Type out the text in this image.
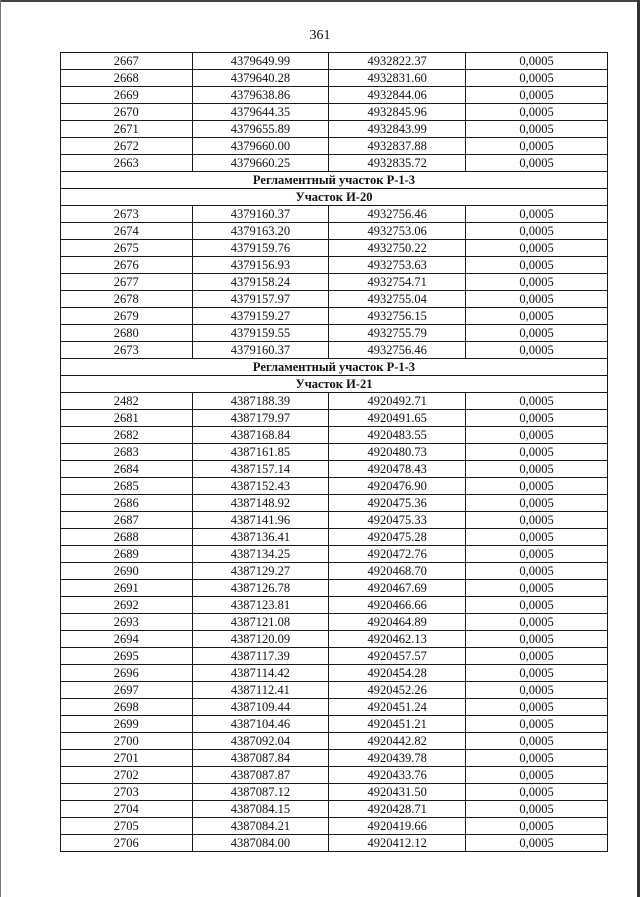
361
2667	4379649.99	4932822.37	0,0005
2668	4379640.28	4932831.60	0,0005
2669	4379638.86	4932844.06	0,0005
2670	4379644.35	4932845.96	0,0005
2671	4379655.89	4932843.99	0,0005
2672	4379660.00	4932837.88	0,0005
2663	4379660.25	4932835.72	0,0005
Регламентный участок Р-1-3			
Участок И-20			
2673	4379160.37	4932756.46	0,0005
2674	4379163.20	4932753.06	0,0005
2675	4379159.76	4932750.22	0,0005
2676	4379156.93	4932753.63	0,0005
2677	4379158.24	4932754.71	0,0005
2678	4379157.97	4932755.04	0,0005
2679	4379159.27	4932756.15	0,0005
2680	4379159.55	4932755.79	0,0005
2673	4379160.37	4932756.46	0,0005
Регламентный участок Р-1-3			
Участок И-21			
2482	4387188.39	4920492.71	0,0005
2681	4387179.97	4920491.65	0,0005
2682	4387168.84	4920483.55	0,0005
2683	4387161.85	4920480.73	0,0005
2684	4387157.14	4920478.43	0,0005
2685	4387152.43	4920476.90	0,0005
2686	4387148.92	4920475.36	0,0005
2687	4387141.96	4920475.33	0,0005
2688	4387136.41	4920475.28	0,0005
2689	4387134.25	4920472.76	0,0005
2690	4387129.27	4920468.70	0,0005
2691	4387126.78	4920467.69	0,0005
2692	4387123.81	4920466.66	0,0005
2693	4387121.08	4920464.89	0,0005
2694	4387120.09	4920462.13	0,0005
2695	4387117.39	4920457.57	0,0005
2696	4387114.42	4920454.28	0,0005
2697	4387112.41	4920452.26	0,0005
2698	4387109.44	4920451.24	0,0005
2699	4387104.46	4920451.21	0,0005
2700	4387092.04	4920442.82	0,0005
2701	4387087.84	4920439.78	0,0005
2702	4387087.87	4920433.76	0,0005
2703	4387087.12	4920431.50	0,0005
2704	4387084.15	4920428.71	0,0005
2705	4387084.21	4920419.66	0,0005
2706	4387084.00	4920412.12	0,0005
